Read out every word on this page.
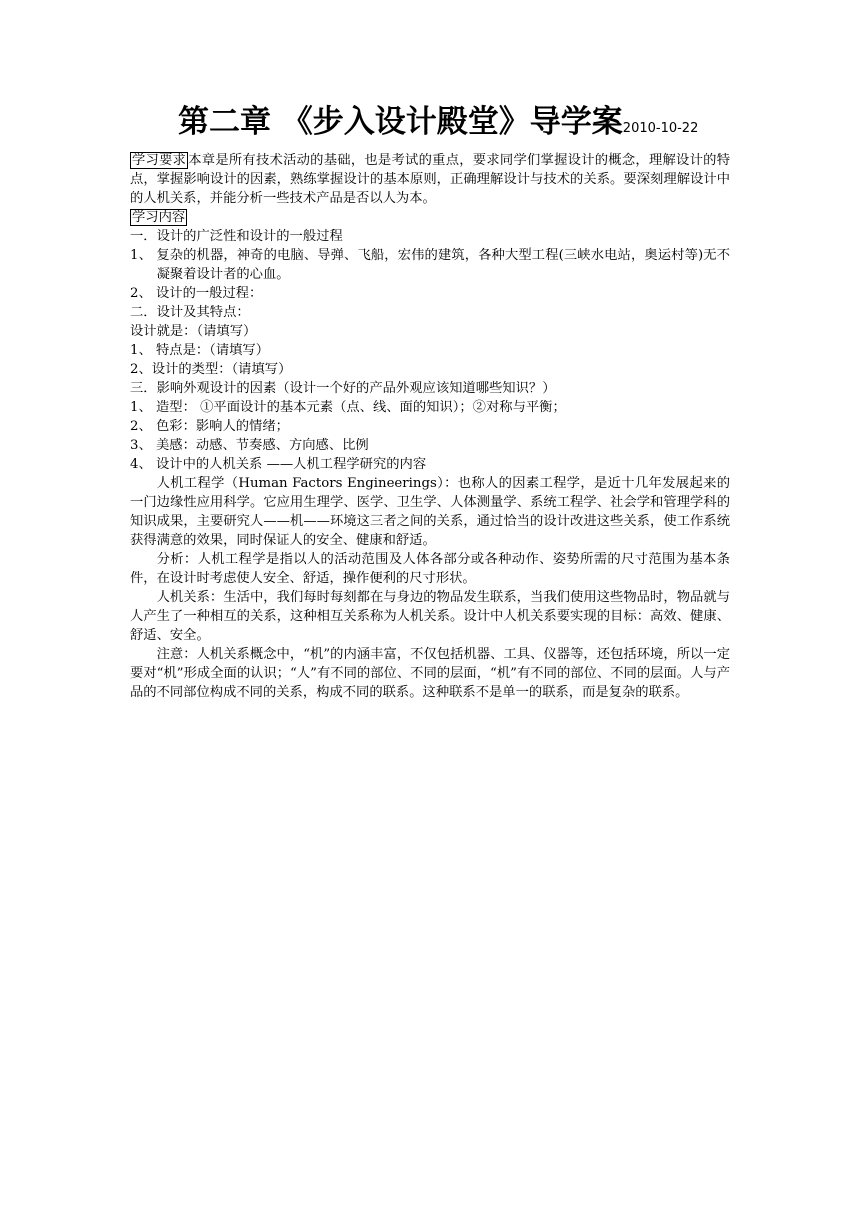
第二章 《步入设计殿堂》导学案2010-10-22
学习要求 本章是所有技术活动的基础，也是考试的重点，要求同学们掌握设计的概念，理解设计的特点，掌握影响设计的因素，熟练掌握设计的基本原则，正确理解设计与技术的关系。要深刻理解设计中的人机关系，并能分析一些技术产品是否以人为本。
学习内容
一．设计的广泛性和设计的一般过程
1、 复杂的机器，神奇的电脑、导弹、飞船，宏伟的建筑，各种大型工程(三峡水电站，奥运村等)无不凝聚着设计者的心血。
2、 设计的一般过程：
二．设计及其特点：
设计就是：（请填写）
1、 特点是：（请填写）
2、设计的类型：（请填写）
三．影响外观设计的因素（设计一个好的产品外观应该知道哪些知识？）
1、 造型： ①平面设计的基本元素（点、线、面的知识）；②对称与平衡；
2、 色彩：影响人的情绪；
3、 美感：动感、节奏感、方向感、比例
4、 设计中的人机关系 ——人机工程学研究的内容
人机工程学（Human Factors Engineerings）：也称人的因素工程学，是近十几年发展起来的一门边缘性应用科学。它应用生理学、医学、卫生学、人体测量学、系统工程学、社会学和管理学科的知识成果，主要研究人——机——环境这三者之间的关系，通过恰当的设计改进这些关系，使工作系统获得满意的效果，同时保证人的安全、健康和舒适。
分析：人机工程学是指以人的活动范围及人体各部分或各种动作、姿势所需的尺寸范围为基本条件，在设计时考虑使人安全、舒适，操作便利的尺寸形状。
人机关系：生活中，我们每时每刻都在与身边的物品发生联系，当我们使用这些物品时，物品就与人产生了一种相互的关系，这种相互关系称为人机关系。设计中人机关系要实现的目标：高效、健康、舒适、安全。
注意：人机关系概念中，“机”的内涵丰富，不仅包括机器、工具、仪器等，还包括环境，所以一定要对“机”形成全面的认识；“人”有不同的部位、不同的层面，“机”有不同的部位、不同的层面。人与产品的不同部位构成不同的关系，构成不同的联系。这种联系不是单一的联系，而是复杂的联系。
